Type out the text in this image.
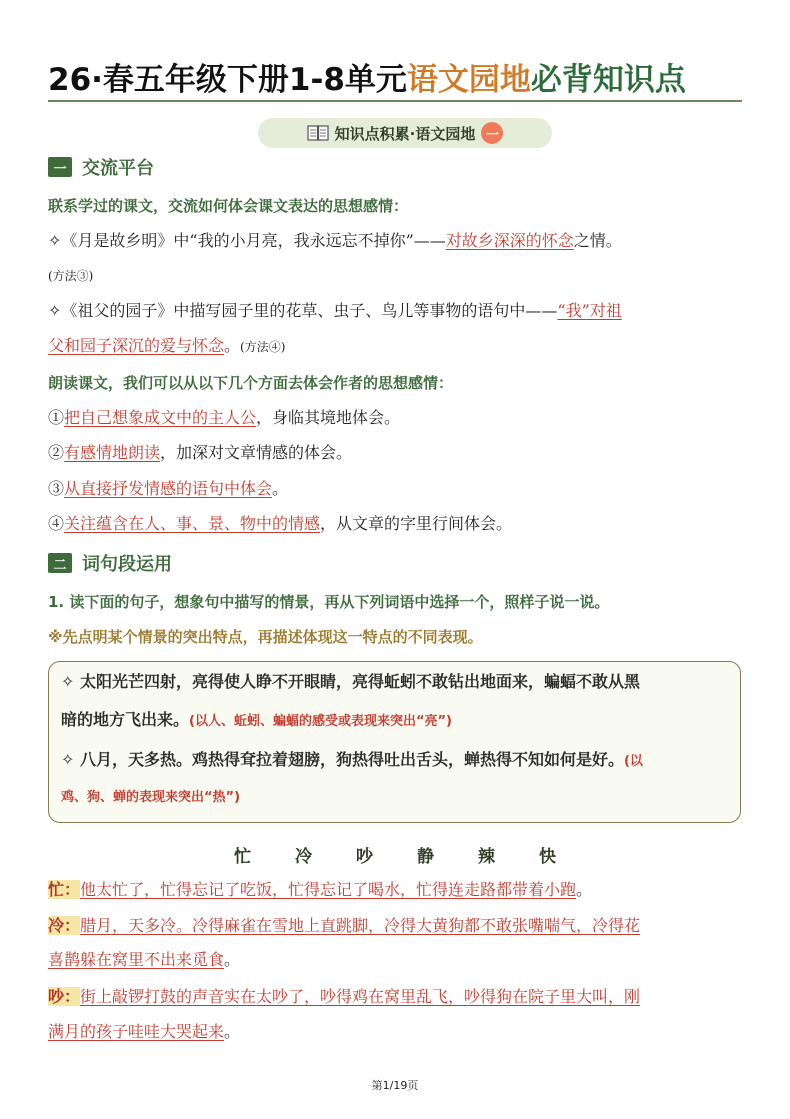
26·春五年级下册1-8单元语文园地必背知识点
知识点积累·语文园地 一
一 交流平台
联系学过的课文，交流如何体会课文表达的思想感情：
✧《月是故乡明》中“我的小月亮，我永远忘不掉你”——对故乡深深的怀念之情。
(方法③)
✧《祖父的园子》中描写园子里的花草、虫子、鸟儿等事物的语句中——“我”对祖
父和园子深沉的爱与怀念。(方法④)
朗读课文，我们可以从以下几个方面去体会作者的思想感情：
①把自己想象成文中的主人公，身临其境地体会。
②有感情地朗读，加深对文章情感的体会。
③从直接抒发情感的语句中体会。
④关注蕴含在人、事、景、物中的情感，从文章的字里行间体会。
二 词句段运用
1. 读下面的句子，想象句中描写的情景，再从下列词语中选择一个，照样子说一说。
※先点明某个情景的突出特点，再描述体现这一特点的不同表现。
✧ 太阳光芒四射，亮得使人睁不开眼睛，亮得蚯蚓不敢钻出地面来，蝙蝠不敢从黑
暗的地方飞出来。(以人、蚯蚓、蝙蝠的感受或表现来突出“亮”)
✧ 八月，天多热。鸡热得耷拉着翅膀，狗热得吐出舌头，蝉热得不知如何是好。(以
鸡、狗、蝉的表现来突出“热”)
忙	冷	吵	静	辣	快
忙：他太忙了，忙得忘记了吃饭，忙得忘记了喝水，忙得连走路都带着小跑。
冷：腊月，天多冷。冷得麻雀在雪地上直跳脚，冷得大黄狗都不敢张嘴喘气，冷得花
喜鹊躲在窝里不出来觅食。
吵：街上敲锣打鼓的声音实在太吵了，吵得鸡在窝里乱飞，吵得狗在院子里大叫，刚
满月的孩子哇哇大哭起来。
第1/19页
